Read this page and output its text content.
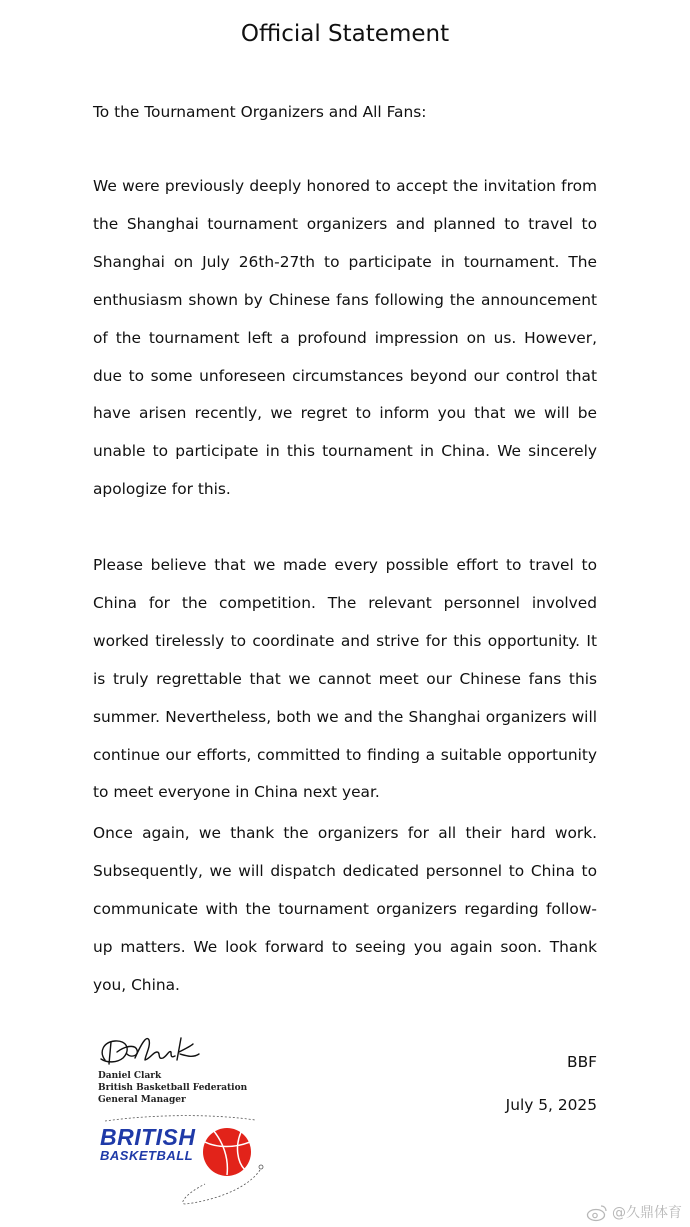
Official Statement

To the Tournament Organizers and All Fans:

We were previously deeply honored to accept the invitation from the Shanghai tournament organizers and planned to travel to Shanghai on July 26th-27th to participate in tournament. The enthusiasm shown by Chinese fans following the announcement of the tournament left a profound impression on us. However, due to some unforeseen circumstances beyond our control that have arisen recently, we regret to inform you that we will be unable to participate in this tournament in China. We sincerely apologize for this.

Please believe that we made every possible effort to travel to China for the competition. The relevant personnel involved worked tirelessly to coordinate and strive for this opportunity. It is truly regrettable that we cannot meet our Chinese fans this summer. Nevertheless, both we and the Shanghai organizers will continue our efforts, committed to finding a suitable opportunity to meet everyone in China next year.

Once again, we thank the organizers for all their hard work. Subsequently, we will dispatch dedicated personnel to China to communicate with the tournament organizers regarding follow-up matters. We look forward to seeing you again soon. Thank you, China.

Daniel Clark
British Basketball Federation
General Manager
BRITISH
BASKETBALL
BBF
July 5, 2025
@久鼎体育
